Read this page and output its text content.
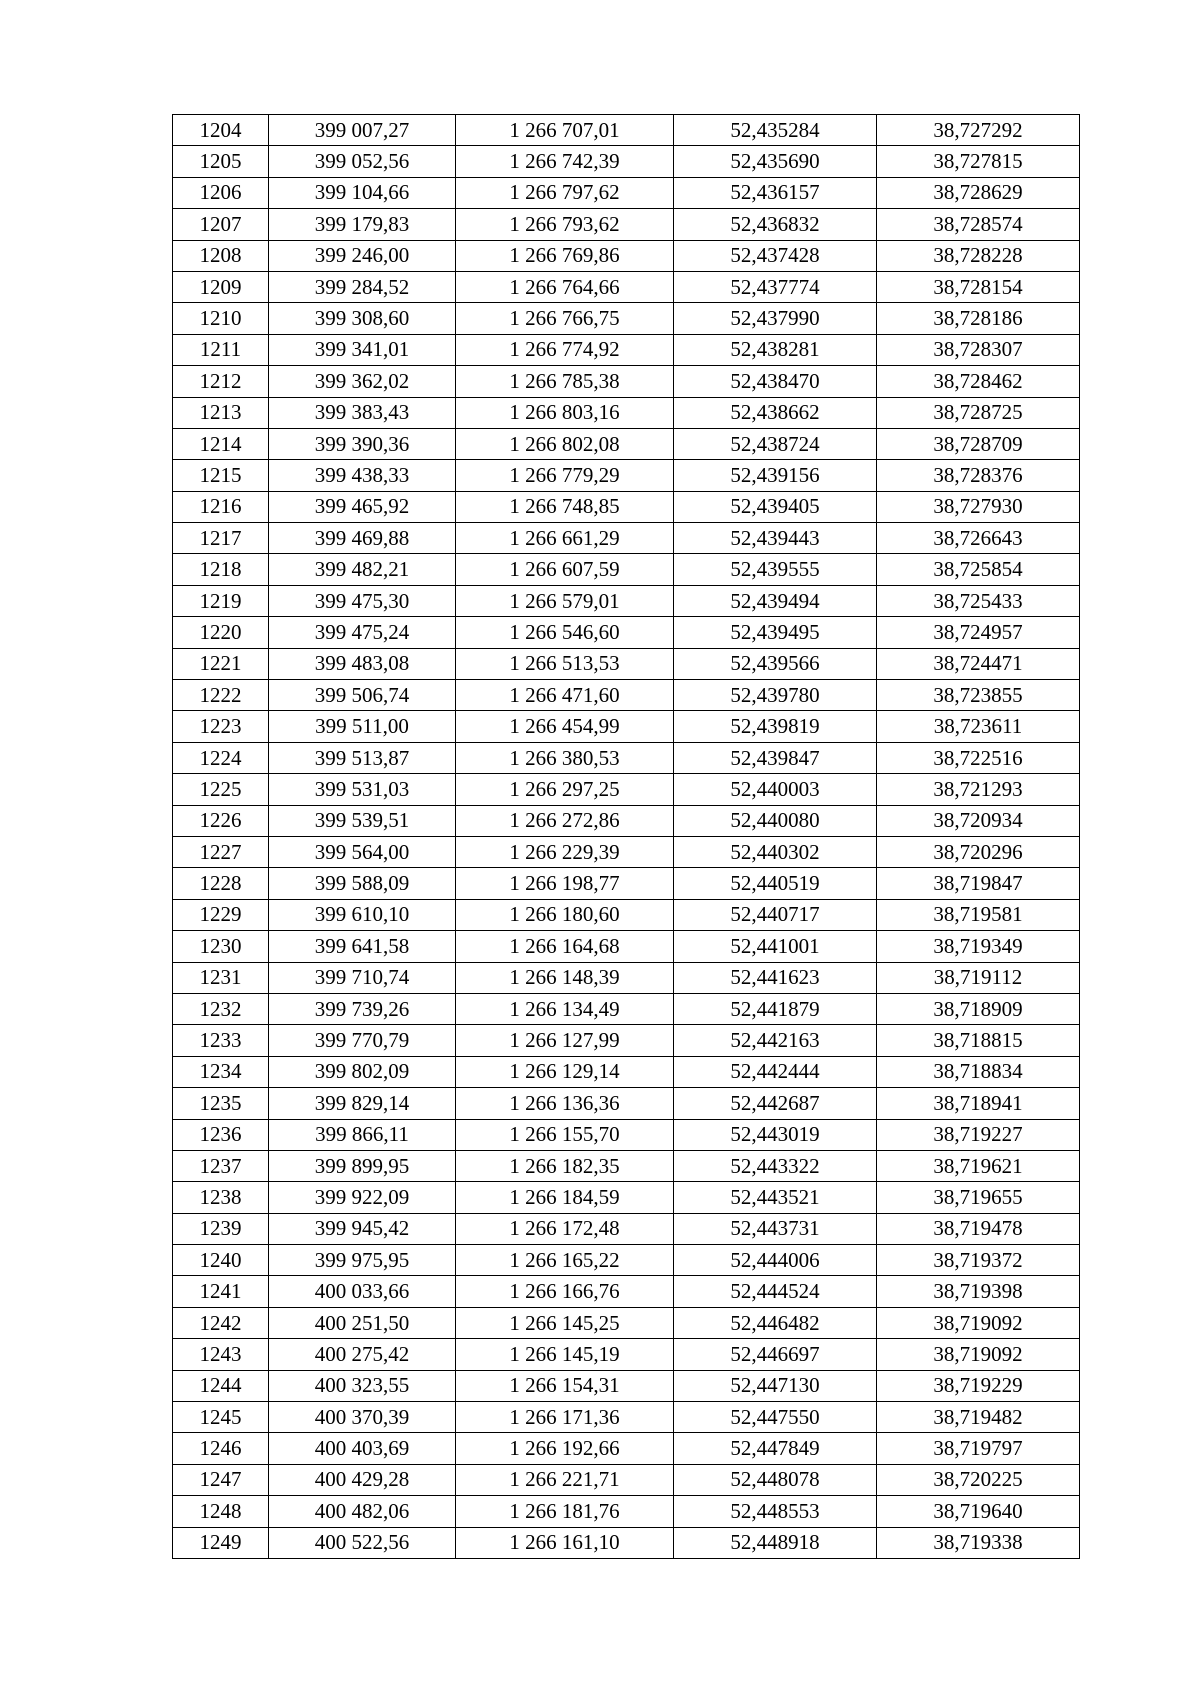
1204	399 007,27	1 266 707,01	52,435284	38,727292
1205	399 052,56	1 266 742,39	52,435690	38,727815
1206	399 104,66	1 266 797,62	52,436157	38,728629
1207	399 179,83	1 266 793,62	52,436832	38,728574
1208	399 246,00	1 266 769,86	52,437428	38,728228
1209	399 284,52	1 266 764,66	52,437774	38,728154
1210	399 308,60	1 266 766,75	52,437990	38,728186
1211	399 341,01	1 266 774,92	52,438281	38,728307
1212	399 362,02	1 266 785,38	52,438470	38,728462
1213	399 383,43	1 266 803,16	52,438662	38,728725
1214	399 390,36	1 266 802,08	52,438724	38,728709
1215	399 438,33	1 266 779,29	52,439156	38,728376
1216	399 465,92	1 266 748,85	52,439405	38,727930
1217	399 469,88	1 266 661,29	52,439443	38,726643
1218	399 482,21	1 266 607,59	52,439555	38,725854
1219	399 475,30	1 266 579,01	52,439494	38,725433
1220	399 475,24	1 266 546,60	52,439495	38,724957
1221	399 483,08	1 266 513,53	52,439566	38,724471
1222	399 506,74	1 266 471,60	52,439780	38,723855
1223	399 511,00	1 266 454,99	52,439819	38,723611
1224	399 513,87	1 266 380,53	52,439847	38,722516
1225	399 531,03	1 266 297,25	52,440003	38,721293
1226	399 539,51	1 266 272,86	52,440080	38,720934
1227	399 564,00	1 266 229,39	52,440302	38,720296
1228	399 588,09	1 266 198,77	52,440519	38,719847
1229	399 610,10	1 266 180,60	52,440717	38,719581
1230	399 641,58	1 266 164,68	52,441001	38,719349
1231	399 710,74	1 266 148,39	52,441623	38,719112
1232	399 739,26	1 266 134,49	52,441879	38,718909
1233	399 770,79	1 266 127,99	52,442163	38,718815
1234	399 802,09	1 266 129,14	52,442444	38,718834
1235	399 829,14	1 266 136,36	52,442687	38,718941
1236	399 866,11	1 266 155,70	52,443019	38,719227
1237	399 899,95	1 266 182,35	52,443322	38,719621
1238	399 922,09	1 266 184,59	52,443521	38,719655
1239	399 945,42	1 266 172,48	52,443731	38,719478
1240	399 975,95	1 266 165,22	52,444006	38,719372
1241	400 033,66	1 266 166,76	52,444524	38,719398
1242	400 251,50	1 266 145,25	52,446482	38,719092
1243	400 275,42	1 266 145,19	52,446697	38,719092
1244	400 323,55	1 266 154,31	52,447130	38,719229
1245	400 370,39	1 266 171,36	52,447550	38,719482
1246	400 403,69	1 266 192,66	52,447849	38,719797
1247	400 429,28	1 266 221,71	52,448078	38,720225
1248	400 482,06	1 266 181,76	52,448553	38,719640
1249	400 522,56	1 266 161,10	52,448918	38,719338
